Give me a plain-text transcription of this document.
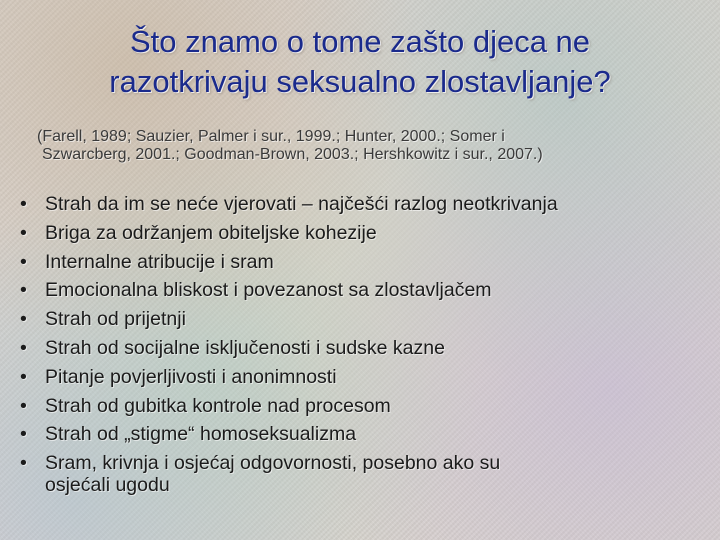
Što znamo o tome zašto djeca ne
razotkrivaju seksualno zlostavljanje?

(Farell, 1989; Sauzier, Palmer i sur., 1999.; Hunter, 2000.; Somer i
Szwarcberg, 2001.; Goodman-Brown, 2003.; Hershkowitz i sur., 2007.)

• Strah da im se neće vjerovati – najčešći razlog neotkrivanja
• Briga za održanjem obiteljske kohezije
• Internalne atribucije i sram
• Emocionalna bliskost i povezanost sa zlostavljačem
• Strah od prijetnji
• Strah od socijalne isključenosti i sudske kazne
• Pitanje povjerljivosti i anonimnosti
• Strah od gubitka kontrole nad procesom
• Strah od „stigme“ homoseksualizma
• Sram, krivnja i osjećaj odgovornosti, posebno ako su
osjećali ugodu
